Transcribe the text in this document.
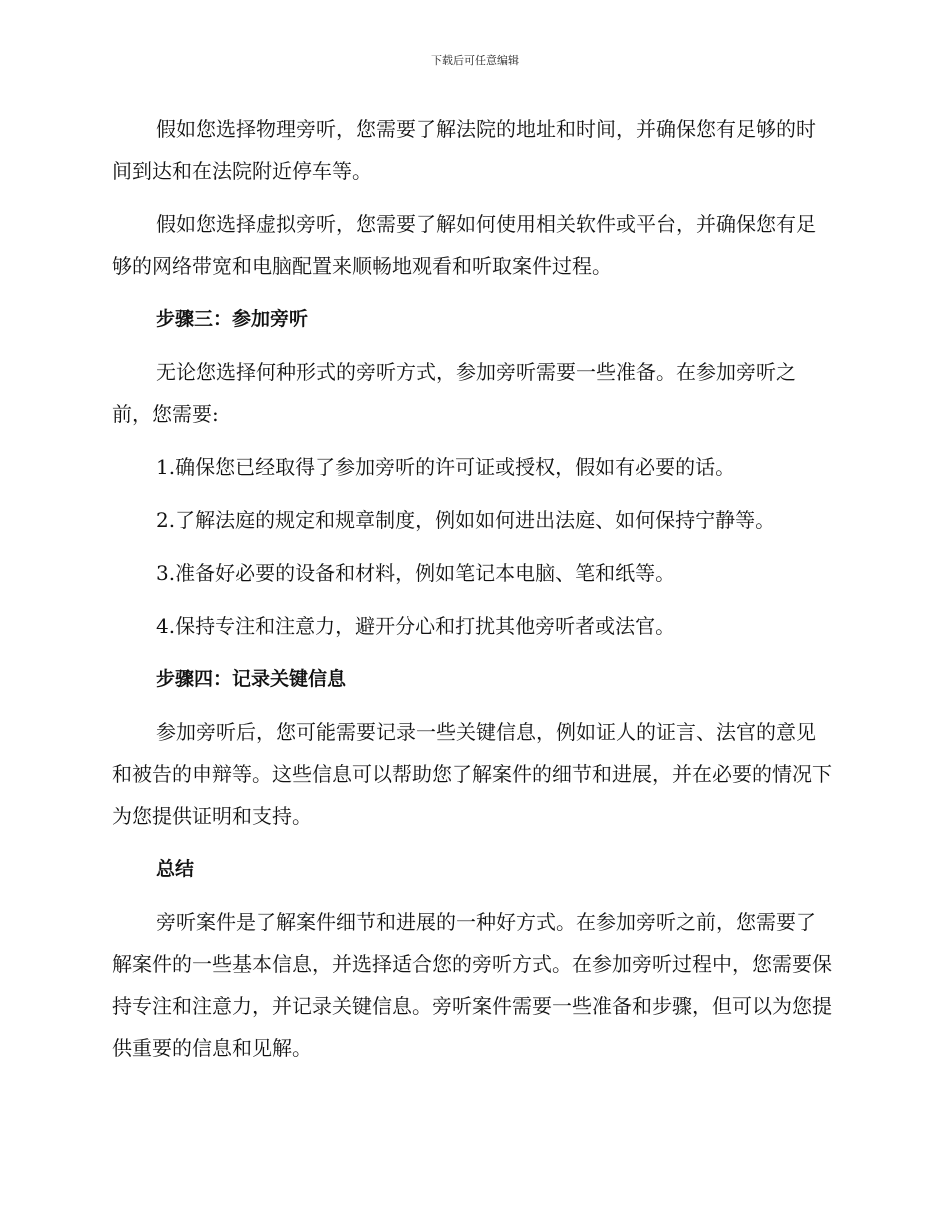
下载后可任意编辑

假如您选择物理旁听，您需要了解法院的地址和时间，并确保您有足够的时间到达和在法院附近停车等。

假如您选择虚拟旁听，您需要了解如何使用相关软件或平台，并确保您有足够的网络带宽和电脑配置来顺畅地观看和听取案件过程。

步骤三：参加旁听

无论您选择何种形式的旁听方式，参加旁听需要一些准备。在参加旁听之前，您需要:

1.确保您已经取得了参加旁听的许可证或授权，假如有必要的话。

2.了解法庭的规定和规章制度，例如如何进出法庭、如何保持宁静等。

3.准备好必要的设备和材料，例如笔记本电脑、笔和纸等。

4.保持专注和注意力，避开分心和打扰其他旁听者或法官。

步骤四：记录关键信息

参加旁听后，您可能需要记录一些关键信息，例如证人的证言、法官的意见和被告的申辩等。这些信息可以帮助您了解案件的细节和进展，并在必要的情况下为您提供证明和支持。

总结

旁听案件是了解案件细节和进展的一种好方式。在参加旁听之前，您需要了解案件的一些基本信息，并选择适合您的旁听方式。在参加旁听过程中，您需要保持专注和注意力，并记录关键信息。旁听案件需要一些准备和步骤，但可以为您提供重要的信息和见解。
